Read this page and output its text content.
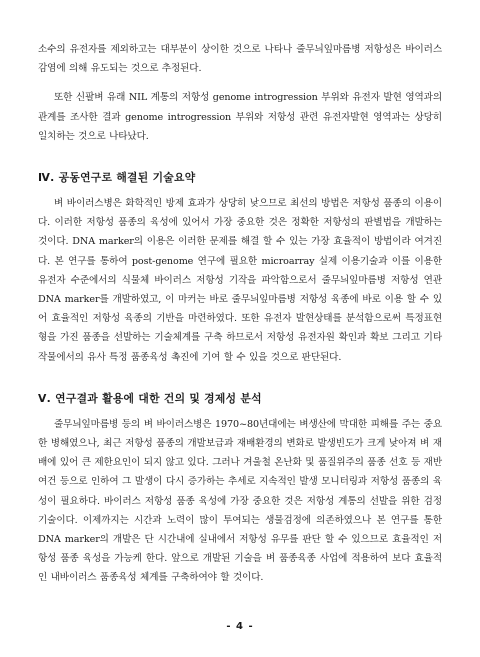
소수의 유전자를 제외하고는 대부분이 상이한 것으로 나타나 줄무늬잎마름병 저항성은 바이러스 감염에 의해 유도되는 것으로 추정된다.

또한 신팔벼 유래 NIL 계통의 저항성 genome introgression 부위와 유전자 발현 영역과의 관계를 조사한 결과 genome introgression 부위와 저항성 관련 유전자발현 영역과는 상당히 일치하는 것으로 나타났다.

Ⅳ. 공동연구로 해결된 기술요약

벼 바이러스병은 화학적인 방제 효과가 상당히 낮으므로 최선의 방법은 저항성 품종의 이용이다. 이러한 저항성 품종의 육성에 있어서 가장 중요한 것은 정확한 저항성의 판별법을 개발하는 것이다. DNA marker의 이용은 이러한 문제를 해결 할 수 있는 가장 효율적이 방법이라 여겨진다. 본 연구를 통하여 post-genome 연구에 필요한 microarray 실제 이용기술과 이를 이용한 유전자 수준에서의 식물체 바이러스 저항성 기작을 파악함으로서 줄무늬잎마름병 저항성 연관 DNA marker를 개발하였고, 이 마커는 바로 줄무늬잎마름병 저항성 육종에 바로 이용 할 수 있어 효율적인 저항성 육종의 기반을 마련하였다. 또한 유전자 발현상태를 분석함으로써 특정표현형을 가진 품종을 선발하는 기술체계를 구축 하므로서 저항성 유전자원 확인과 확보 그리고 기타 작물에서의 유사 특정 품종육성 촉진에 기여 할 수 있을 것으로 판단된다.

Ⅴ. 연구결과 활용에 대한 건의 및 경제성 분석

줄무늬잎마름병 등의 벼 바이러스병은 1970~80년대에는 벼생산에 막대한 피해를 주는 중요한 병해였으나, 최근 저항성 품종의 개발보급과 재배환경의 변화로 발생빈도가 크게 낮아져 벼 재배에 있어 큰 제한요인이 되지 않고 있다. 그러나 겨울철 온난화 및 품질위주의 품종 선호 등 재반 여건 등으로 인하여 그 발생이 다시 증가하는 추세로 지속적인 발생 모니터링과 저항성 품종의 육성이 필요하다. 바이러스 저항성 품종 육성에 가장 중요한 것은 저항성 계통의 선발을 위한 검정기술이다. 이제까지는 시간과 노력이 많이 투여되는 생물검정에 의존하였으나 본 연구를 통한 DNA marker의 개발은 단 시간내에 실내에서 저항성 유무를 판단 할 수 있으므로 효율적인 저항성 품종 육성을 가능케 한다. 앞으로 개발된 기술을 벼 품종육종 사업에 적용하여 보다 효율적인 내바이러스 품종육성 체계를 구축하여야 할 것이다.

- 4 -
